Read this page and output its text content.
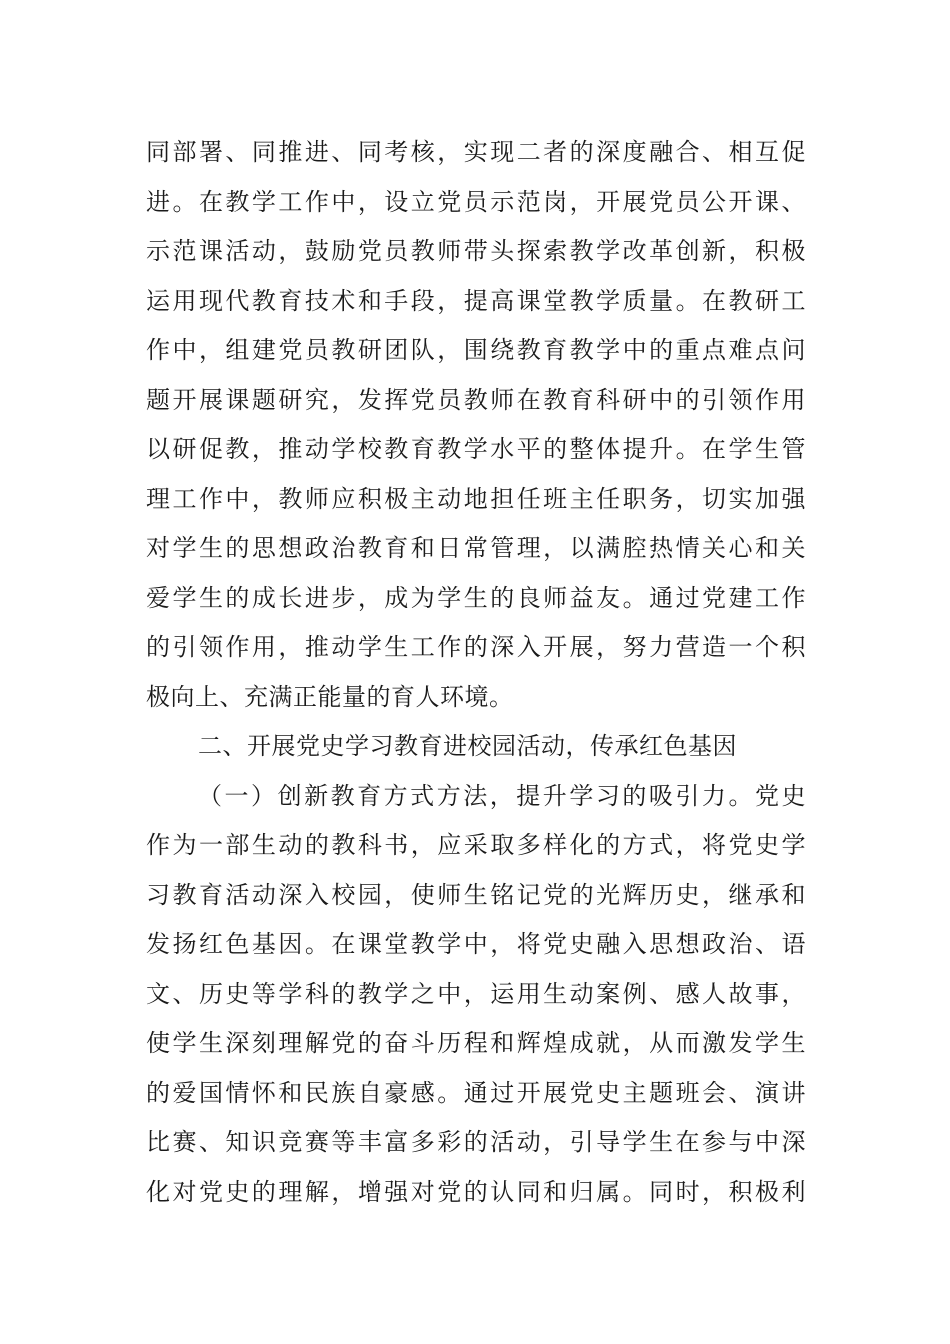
同部署、同推进、同考核，实现二者的深度融合、相互促
进。在教学工作中，设立党员示范岗，开展党员公开课、
示范课活动，鼓励党员教师带头探索教学改革创新，积极
运用现代教育技术和手段，提高课堂教学质量。在教研工
作中，组建党员教研团队，围绕教育教学中的重点难点问
题开展课题研究，发挥党员教师在教育科研中的引领作用
以研促教，推动学校教育教学水平的整体提升。在学生管
理工作中，教师应积极主动地担任班主任职务，切实加强
对学生的思想政治教育和日常管理，以满腔热情关心和关
爱学生的成长进步，成为学生的良师益友。通过党建工作
的引领作用，推动学生工作的深入开展，努力营造一个积
极向上、充满正能量的育人环境。
二、开展党史学习教育进校园活动，传承红色基因
（一）创新教育方式方法，提升学习的吸引力。党史
作为一部生动的教科书，应采取多样化的方式，将党史学
习教育活动深入校园，使师生铭记党的光辉历史，继承和
发扬红色基因。在课堂教学中，将党史融入思想政治、语
文、历史等学科的教学之中，运用生动案例、感人故事，
使学生深刻理解党的奋斗历程和辉煌成就，从而激发学生
的爱国情怀和民族自豪感。通过开展党史主题班会、演讲
比赛、知识竞赛等丰富多彩的活动，引导学生在参与中深
化对党史的理解，增强对党的认同和归属。同时，积极利
